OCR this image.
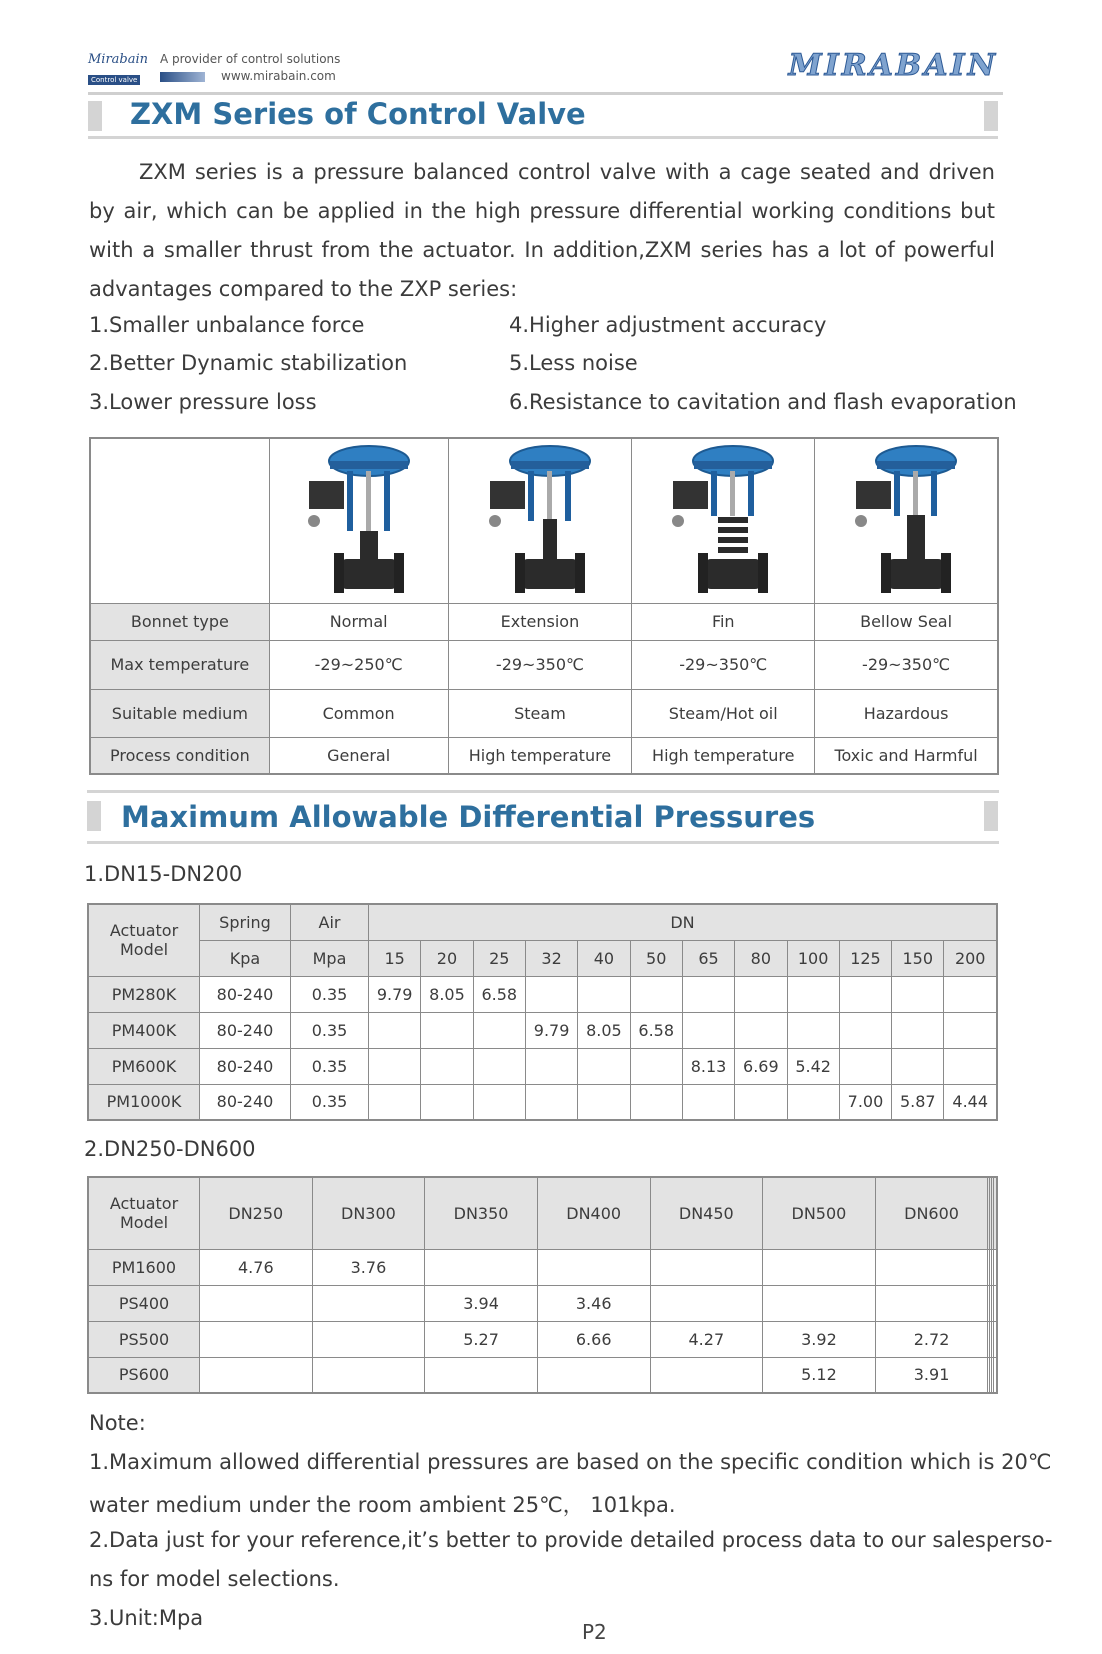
Mirabain
Control valve
A provider of control solutions
www.mirabain.com	MIRABAIN
ZXM Series of Control Valve

ZXM series is a pressure balanced control valve with a cage seated and driven by air, which can be applied in the high pressure differential working conditions but with a smaller thrust from the actuator. In addition,ZXM series has a lot of powerful advantages compared to the ZXP series:

1.Smaller unbalance force
2.Better Dynamic stabilization
3.Lower pressure loss
4.Higher adjustment accuracy
5.Less noise
6.Resistance to cavitation and flash evaporation

Bonnet type	Normal	Extension	Fin	Bellow Seal
Max temperature	-29~250℃	-29~350℃	-29~350℃	-29~350℃
Suitable medium	Common	Steam	Steam/Hot oil	Hazardous
Process condition	General	High temperature	High temperature	Toxic and Harmful
Maximum Allowable Differential Pressures
1.DN15-DN200
Actuator Model	Spring	Air	DN											
	Kpa	Mpa	15	20	25	32	40	50	65	80	100	125	150	200
PM280K	80-240	0.35	9.79	8.05	6.58									
PM400K	80-240	0.35				9.79	8.05	6.58						
PM600K	80-240	0.35							8.13	6.69	5.42			
PM1000K	80-240	0.35										7.00	5.87	4.44
2.DN250-DN600
Actuator Model	DN250	DN300	DN350	DN400	DN450	DN500	DN600				
PM1600	4.76	3.76									
PS400			3.94	3.46							
PS500			5.27	6.66	4.27	3.92	2.72				
PS600						5.12	3.91				
Note:
1.Maximum allowed differential pressures are based on the specific condition which is 20℃
water medium under the room ambient 25℃， 101kpa.
2.Data just for your reference,it’s better to provide detailed process data to our salesperso-
ns for model selections.
3.Unit:Mpa
P2
